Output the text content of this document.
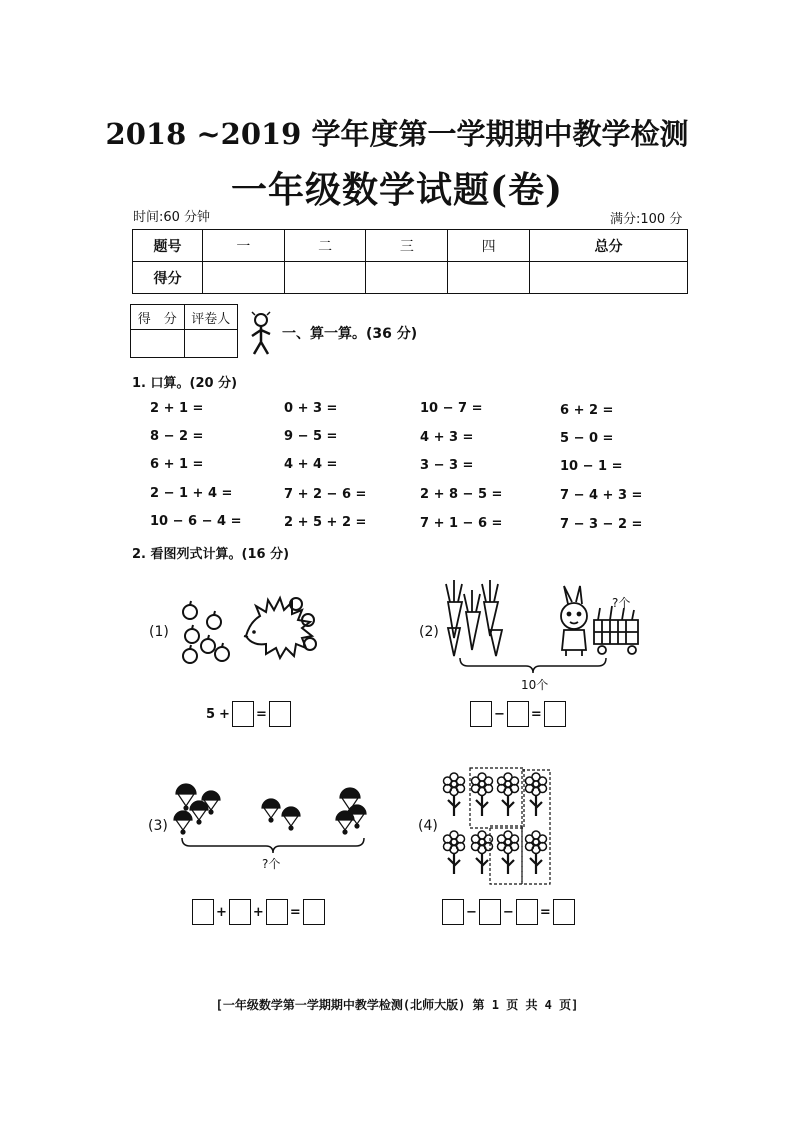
2018 ~2019 学年度第一学期期中教学检测
一年级数学试题(卷)
时间:60 分钟	满分:100 分
题号	一	二	三	四	总分
得分					
得　分	评卷人

一、算一算。(36 分)
1. 口算。(20 分)
2 + 1 =	0 + 3 =	10 − 7 =	6 + 2 =
8 − 2 =	9 − 5 =	4 + 3 =	5 − 0 =
6 + 1 =	4 + 4 =	3 − 3 =	10 − 1 =
2 − 1 + 4 =	7 + 2 − 6 =	2 + 8 − 5 =	7 − 4 + 3 =
10 − 6 − 4 =	2 + 5 + 2 =	7 + 1 − 6 =	7 − 3 − 2 =
2. 看图列式计算。(16 分)
(1)
5 + =
(2)
?个
10个
− =
(3)
?个
+ + =
(4)
− − =
[一年级数学第一学期期中教学检测(北师大版) 第 1 页 共 4 页]
